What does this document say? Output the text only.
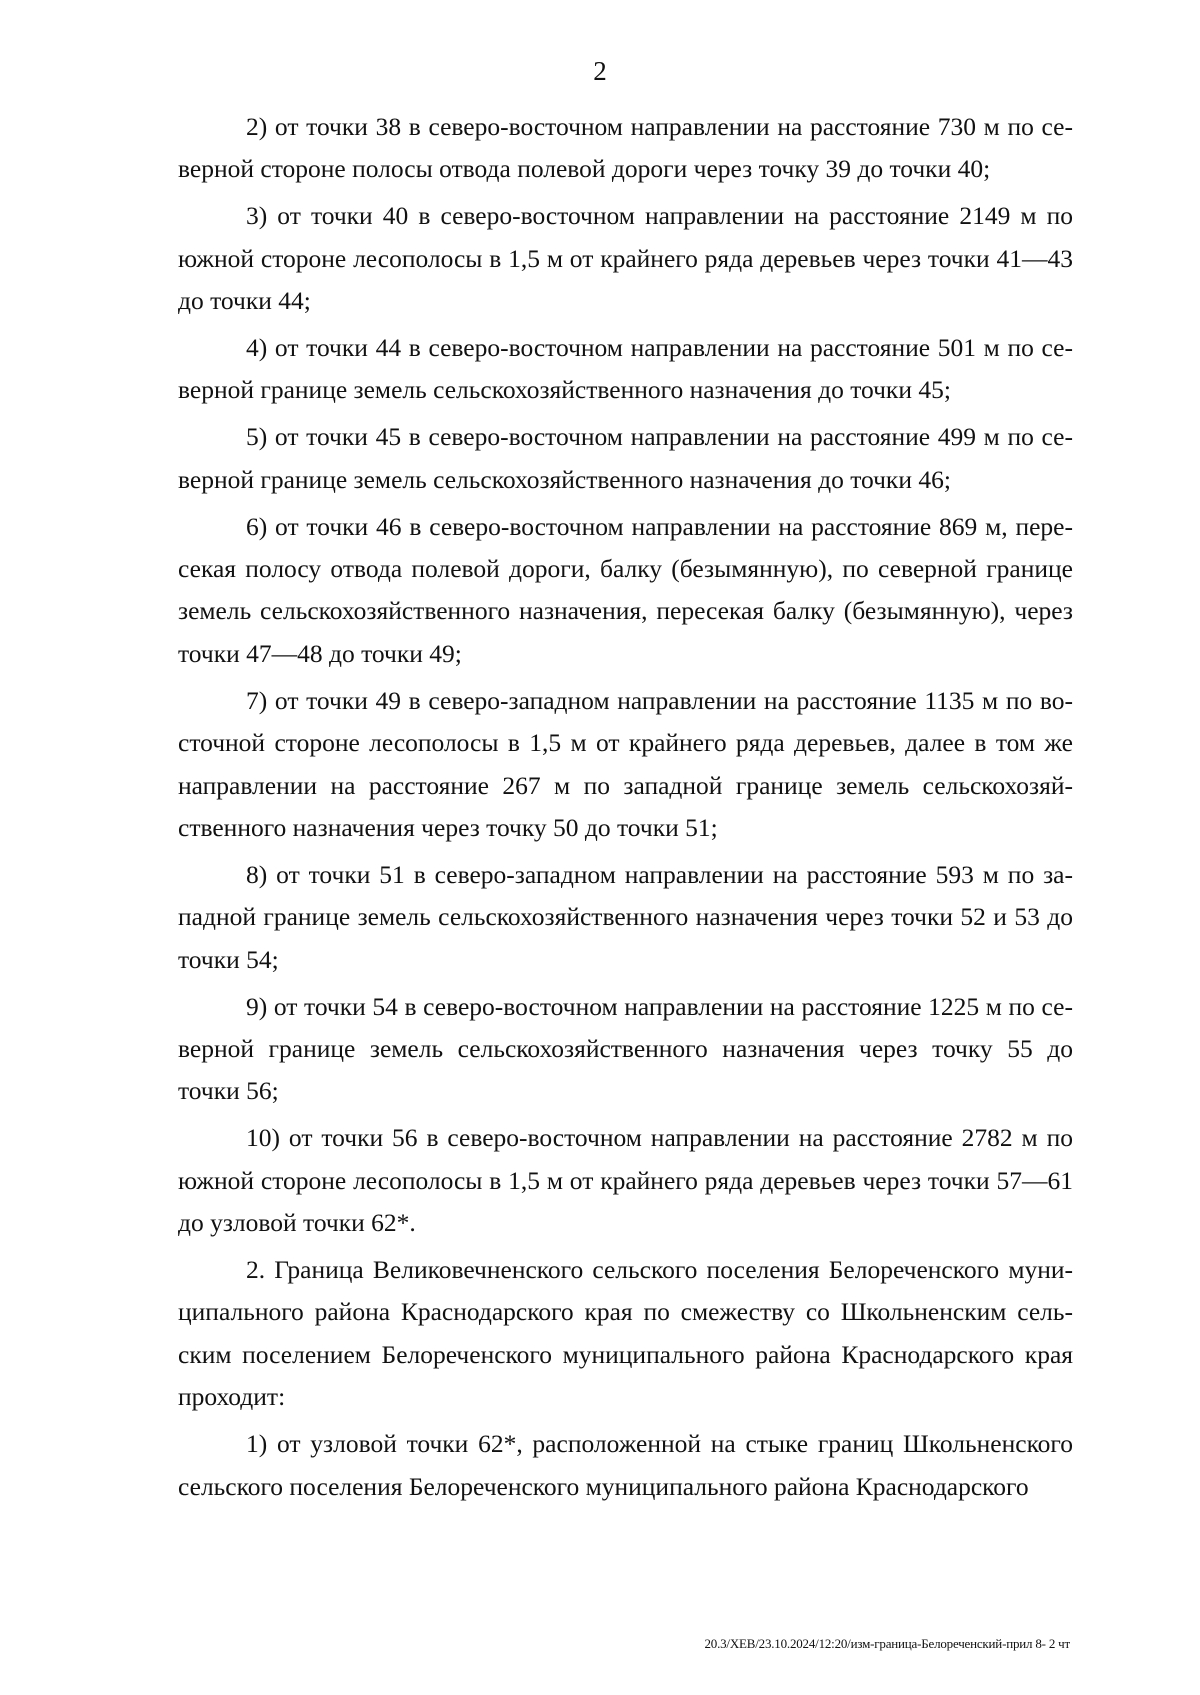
2

2) от точки 38 в северо-восточном направлении на расстояние 730 м по северной стороне полосы отвода полевой дороги через точку 39 до точки 40;

3) от точки 40 в северо-восточном направлении на расстояние 2149 м по южной стороне лесополосы в 1,5 м от крайнего ряда деревьев через точки 41—43 до точки 44;

4) от точки 44 в северо-восточном направлении на расстояние 501 м по северной границе земель сельскохозяйственного назначения до точки 45;

5) от точки 45 в северо-восточном направлении на расстояние 499 м по северной границе земель сельскохозяйственного назначения до точки 46;

6) от точки 46 в северо-восточном направлении на расстояние 869 м, пересекая полосу отвода полевой дороги, балку (безымянную), по северной границе земель сельскохозяйственного назначения, пересекая балку (безымянную), через точки 47—48 до точки 49;

7) от точки 49 в северо-западном направлении на расстояние 1135 м по восточной стороне лесополосы в 1,5 м от крайнего ряда деревьев, далее в том же направлении на расстояние 267 м по западной границе земель сельскохозяйственного назначения через точку 50 до точки 51;

8) от точки 51 в северо-западном направлении на расстояние 593 м по западной границе земель сельскохозяйственного назначения через точки 52 и 53 до точки 54;

9) от точки 54 в северо-восточном направлении на расстояние 1225 м по северной границе земель сельскохозяйственного назначения через точку 55 до точки 56;

10) от точки 56 в северо-восточном направлении на расстояние 2782 м по южной стороне лесополосы в 1,5 м от крайнего ряда деревьев через точки 57—61 до узловой точки 62*.

2. Граница Великовечненского сельского поселения Белореченского муниципального района Краснодарского края по смежеству со Школьненским сельским поселением Белореченского муниципального района Краснодарского края проходит:

1) от узловой точки 62*, расположенной на стыке границ Школьненского сельского поселения Белореченского муниципального района Краснодарского

20.3/ХЕВ/23.10.2024/12:20/изм-граница-Белореченский-прил 8- 2 чт
